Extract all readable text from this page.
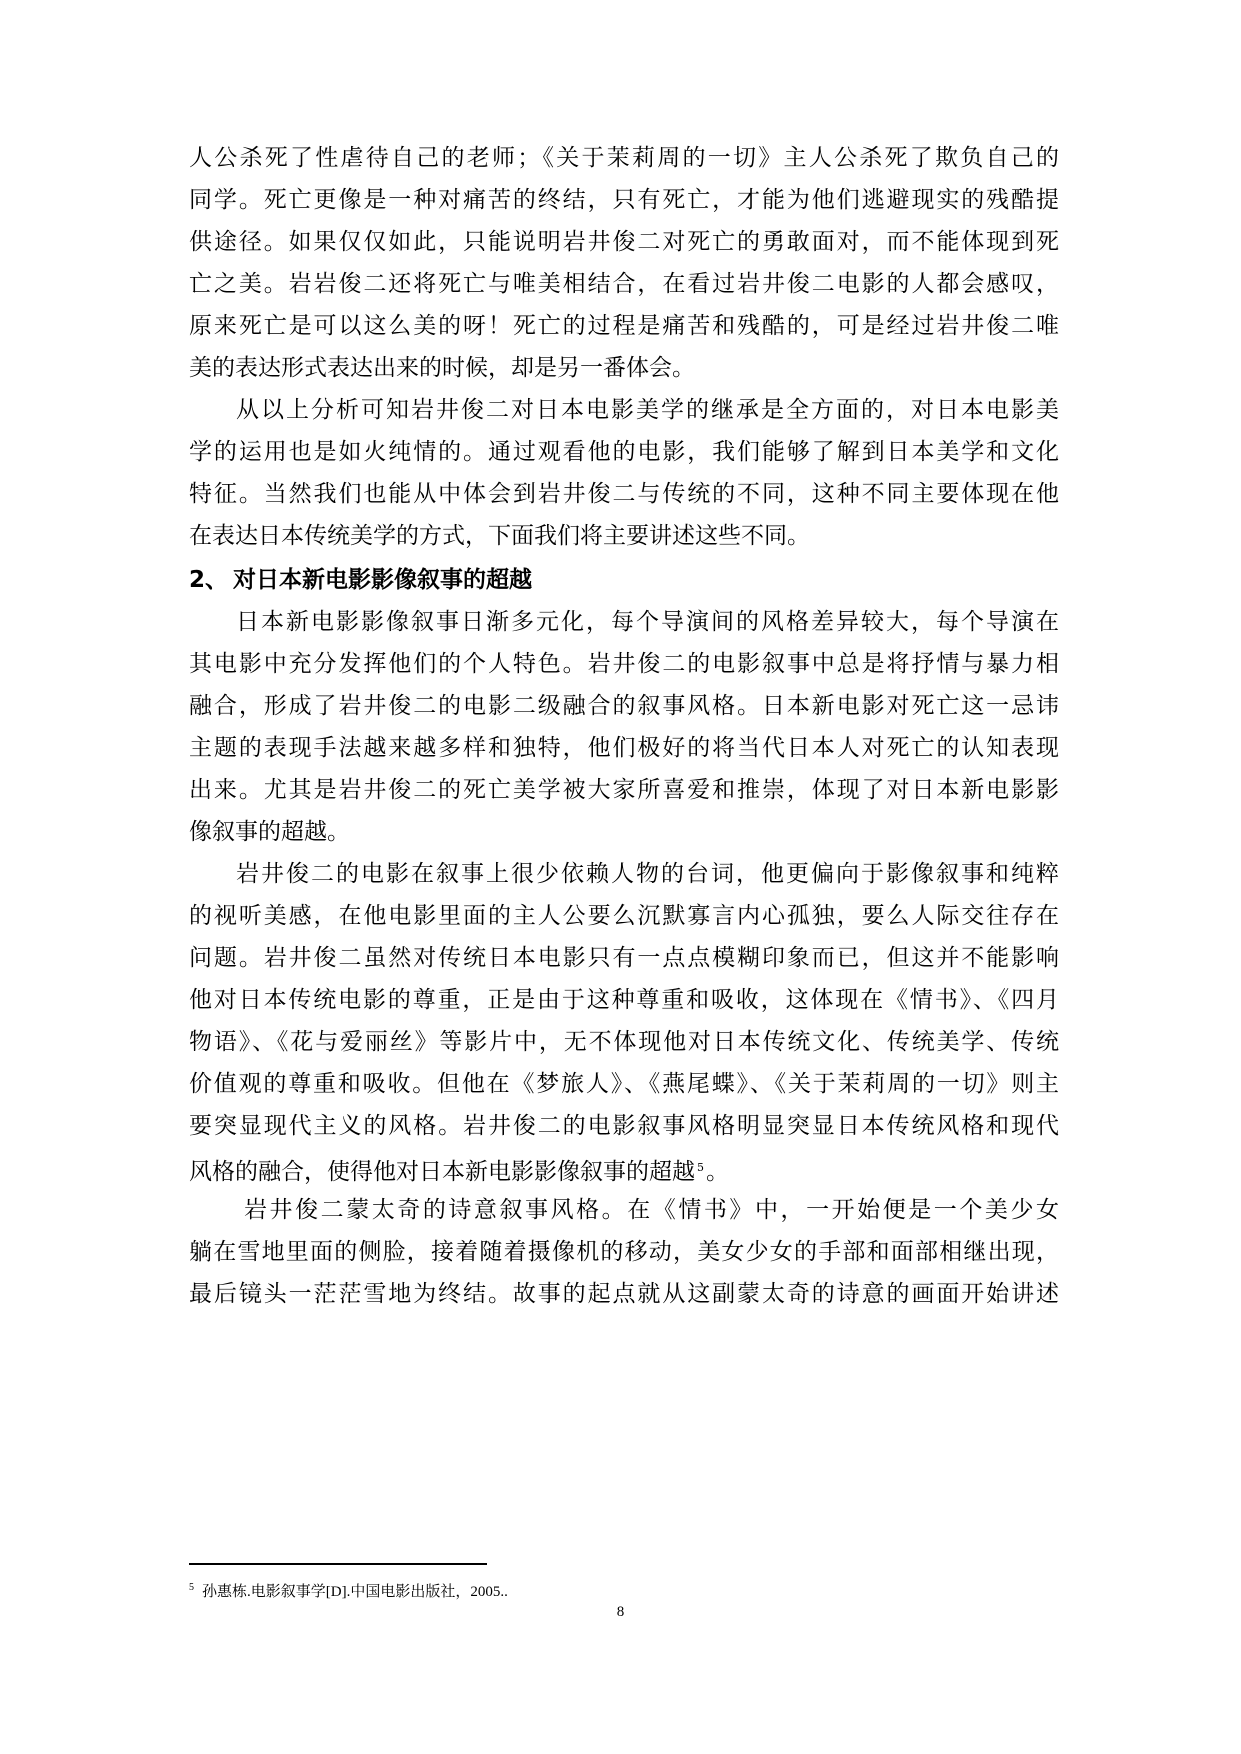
人公杀死了性虐待自己的老师；《关于茉莉周的一切》主人公杀死了欺负自己的
同学。死亡更像是一种对痛苦的终结，只有死亡，才能为他们逃避现实的残酷提
供途径。如果仅仅如此，只能说明岩井俊二对死亡的勇敢面对，而不能体现到死
亡之美。岩岩俊二还将死亡与唯美相结合，在看过岩井俊二电影的人都会感叹，
原来死亡是可以这么美的呀！死亡的过程是痛苦和残酷的，可是经过岩井俊二唯
美的表达形式表达出来的时候，却是另一番体会。
从以上分析可知岩井俊二对日本电影美学的继承是全方面的，对日本电影美
学的运用也是如火纯情的。通过观看他的电影，我们能够了解到日本美学和文化
特征。当然我们也能从中体会到岩井俊二与传统的不同，这种不同主要体现在他
在表达日本传统美学的方式，下面我们将主要讲述这些不同。
2、 对日本新电影影像叙事的超越
日本新电影影像叙事日渐多元化，每个导演间的风格差异较大，每个导演在
其电影中充分发挥他们的个人特色。岩井俊二的电影叙事中总是将抒情与暴力相
融合，形成了岩井俊二的电影二级融合的叙事风格。日本新电影对死亡这一忌讳
主题的表现手法越来越多样和独特，他们极好的将当代日本人对死亡的认知表现
出来。尤其是岩井俊二的死亡美学被大家所喜爱和推崇，体现了对日本新电影影
像叙事的超越。
岩井俊二的电影在叙事上很少依赖人物的台词，他更偏向于影像叙事和纯粹
的视听美感，在他电影里面的主人公要么沉默寡言内心孤独，要么人际交往存在
问题。岩井俊二虽然对传统日本电影只有一点点模糊印象而已，但这并不能影响
他对日本传统电影的尊重，正是由于这种尊重和吸收，这体现在《情书》、《四月
物语》、《花与爱丽丝》等影片中，无不体现他对日本传统文化、传统美学、传统
价值观的尊重和吸收。但他在《梦旅人》、《燕尾蝶》、《关于茉莉周的一切》则主
要突显现代主义的风格。岩井俊二的电影叙事风格明显突显日本传统风格和现代
风格的融合，使得他对日本新电影影像叙事的超越 $^5$。
岩井俊二蒙太奇的诗意叙事风格。在《情书》中，一开始便是一个美少女
躺在雪地里面的侧脸，接着随着摄像机的移动，美女少女的手部和面部相继出现，
最后镜头一茫茫雪地为终结。故事的起点就从这副蒙太奇的诗意的画面开始讲述
$^5$ 孙惠栋.电影叙事学[D].中国电影出版社，2005..
8
